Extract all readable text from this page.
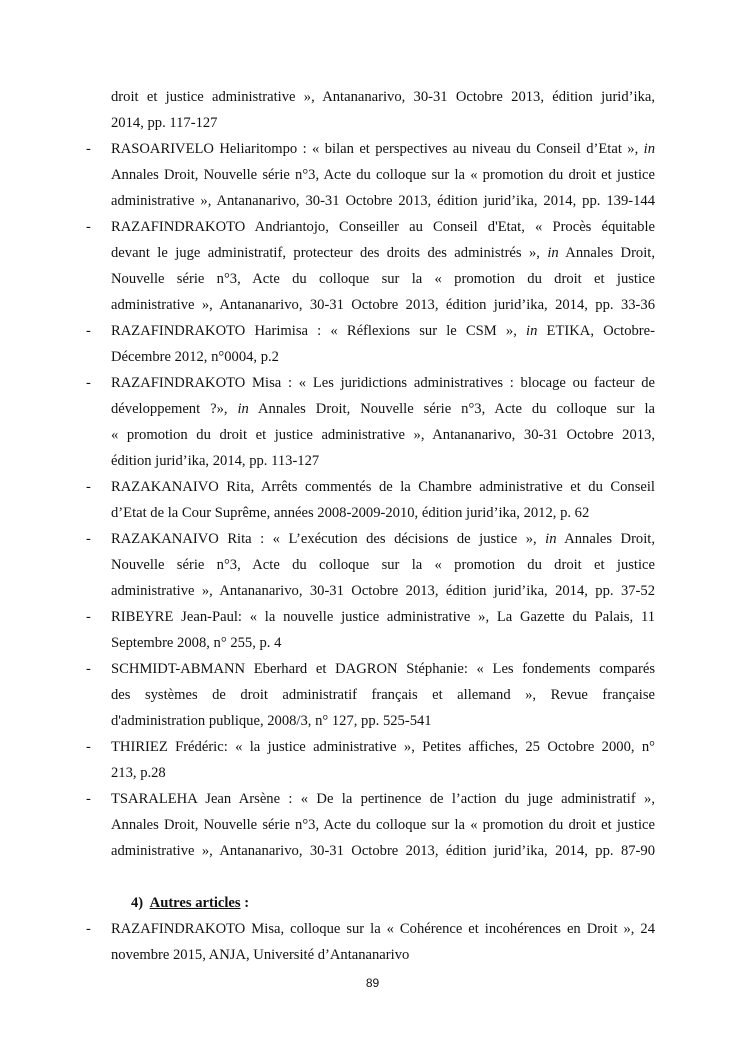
droit et justice administrative », Antananarivo, 30-31 Octobre 2013, édition jurid’ika,
2014, pp. 117-127
- RASOARIVELO Heliaritompo : « bilan et perspectives au niveau du Conseil d’Etat », in
Annales Droit, Nouvelle série n°3, Acte du colloque sur la « promotion du droit et justice
administrative », Antananarivo, 30-31 Octobre 2013, édition jurid’ika, 2014, pp. 139-144
- RAZAFINDRAKOTO Andriantojo, Conseiller au Conseil d'Etat, « Procès équitable
devant le juge administratif, protecteur des droits des administrés », in Annales Droit,
Nouvelle série n°3, Acte du colloque sur la « promotion du droit et justice
administrative », Antananarivo, 30-31 Octobre 2013, édition jurid’ika, 2014, pp. 33-36
- RAZAFINDRAKOTO Harimisa : « Réflexions sur le CSM », in ETIKA, Octobre-
Décembre 2012, n°0004, p.2
- RAZAFINDRAKOTO Misa : « Les juridictions administratives : blocage ou facteur de
développement ?», in Annales Droit, Nouvelle série n°3, Acte du colloque sur la
« promotion du droit et justice administrative », Antananarivo, 30-31 Octobre 2013,
édition jurid’ika, 2014, pp. 113-127
- RAZAKANAIVO Rita, Arrêts commentés de la Chambre administrative et du Conseil
d’Etat de la Cour Suprême, années 2008-2009-2010, édition jurid’ika, 2012, p. 62
- RAZAKANAIVO Rita : « L’exécution des décisions de justice », in Annales Droit,
Nouvelle série n°3, Acte du colloque sur la « promotion du droit et justice
administrative », Antananarivo, 30-31 Octobre 2013, édition jurid’ika, 2014, pp. 37-52
- RIBEYRE Jean-Paul: « la nouvelle justice administrative », La Gazette du Palais, 11
Septembre 2008, n° 255, p. 4
- SCHMIDT-ABMANN Eberhard et DAGRON Stéphanie: « Les fondements comparés
des systèmes de droit administratif français et allemand », Revue française
d'administration publique, 2008/3, n° 127, pp. 525-541
- THIRIEZ Frédéric: « la justice administrative », Petites affiches, 25 Octobre 2000, n°
213, p.28
- TSARALEHA Jean Arsène : « De la pertinence de l’action du juge administratif »,
Annales Droit, Nouvelle série n°3, Acte du colloque sur la « promotion du droit et justice
administrative », Antananarivo, 30-31 Octobre 2013, édition jurid’ika, 2014, pp. 87-90
4) Autres articles :
- RAZAFINDRAKOTO Misa, colloque sur la « Cohérence et incohérences en Droit », 24
novembre 2015, ANJA, Université d’Antananarivo
89
